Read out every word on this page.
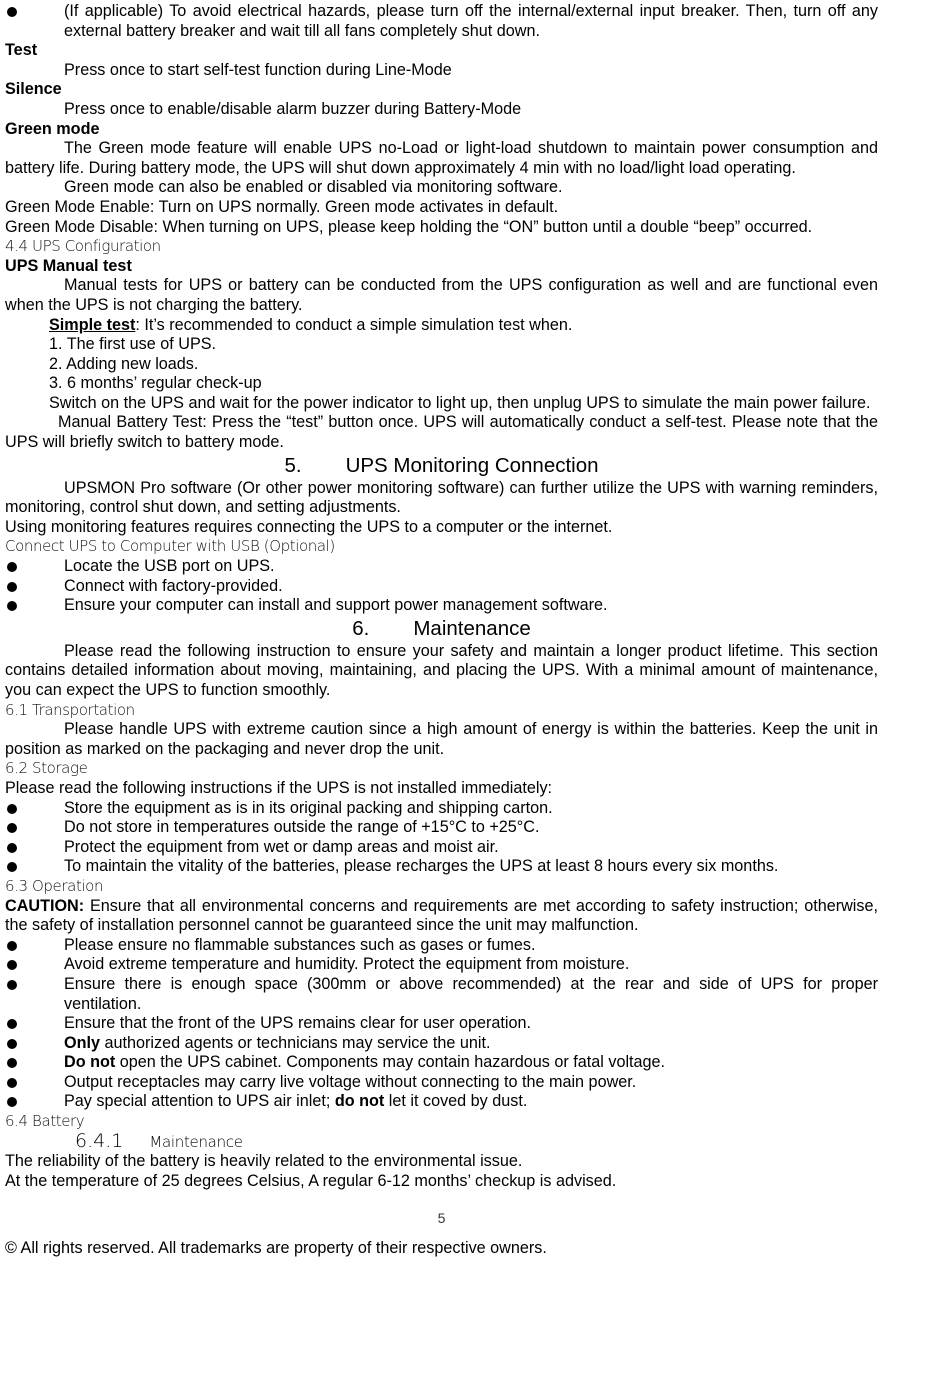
(If applicable) To avoid electrical hazards, please turn off the internal/external input breaker. Then, turn off any external battery breaker and wait till all fans completely shut down.

Test

Press once to start self-test function during Line-Mode

Silence

Press once to enable/disable alarm buzzer during Battery-Mode

Green mode

The Green mode feature will enable UPS no-Load or light-load shutdown to maintain power consumption and battery life. During battery mode, the UPS will shut down approximately 4 min with no load/light load operating.

Green mode can also be enabled or disabled via monitoring software.

Green Mode Enable: Turn on UPS normally. Green mode activates in default.

Green Mode Disable: When turning on UPS, please keep holding the “ON” button until a double “beep” occurred.

4.4 UPS Configuration

UPS Manual test

Manual tests for UPS or battery can be conducted from the UPS configuration as well and are functional even when the UPS is not charging the battery.

Simple test: It’s recommended to conduct a simple simulation test when.

1. The first use of UPS.

2. Adding new loads.

3. 6 months’ regular check-up

Switch on the UPS and wait for the power indicator to light up, then unplug UPS to simulate the main power failure.

Manual Battery Test: Press the “test” button once. UPS will automatically conduct a self-test. Please note that the UPS will briefly switch to battery mode.

5. UPS Monitoring Connection

UPSMON Pro software (Or other power monitoring software) can further utilize the UPS with warning reminders, monitoring, control shut down, and setting adjustments.

Using monitoring features requires connecting the UPS to a computer or the internet.

Connect UPS to Computer with USB (Optional)

Locate the USB port on UPS.

Connect with factory-provided.

Ensure your computer can install and support power management software.

6. Maintenance

Please read the following instruction to ensure your safety and maintain a longer product lifetime. This section contains detailed information about moving, maintaining, and placing the UPS. With a minimal amount of maintenance, you can expect the UPS to function smoothly.

6.1 Transportation

Please handle UPS with extreme caution since a high amount of energy is within the batteries. Keep the unit in position as marked on the packaging and never drop the unit.

6.2 Storage

Please read the following instructions if the UPS is not installed immediately:

Store the equipment as is in its original packing and shipping carton.

Do not store in temperatures outside the range of +15°C to +25°C.

Protect the equipment from wet or damp areas and moist air.

To maintain the vitality of the batteries, please recharges the UPS at least 8 hours every six months.

6.3 Operation

CAUTION: Ensure that all environmental concerns and requirements are met according to safety instruction; otherwise, the safety of installation personnel cannot be guaranteed since the unit may malfunction.

Please ensure no flammable substances such as gases or fumes.

Avoid extreme temperature and humidity. Protect the equipment from moisture.

Ensure there is enough space (300mm or above recommended) at the rear and side of UPS for proper ventilation.

Ensure that the front of the UPS remains clear for user operation.

Only authorized agents or technicians may service the unit.

Do not open the UPS cabinet. Components may contain hazardous or fatal voltage.

Output receptacles may carry live voltage without connecting to the main power.

Pay special attention to UPS air inlet; do not let it coved by dust.

6.4 Battery

6.4.1 Maintenance

The reliability of the battery is heavily related to the environmental issue.

At the temperature of 25 degrees Celsius, A regular 6-12 months’ checkup is advised.

5

© All rights reserved. All trademarks are property of their respective owners.
